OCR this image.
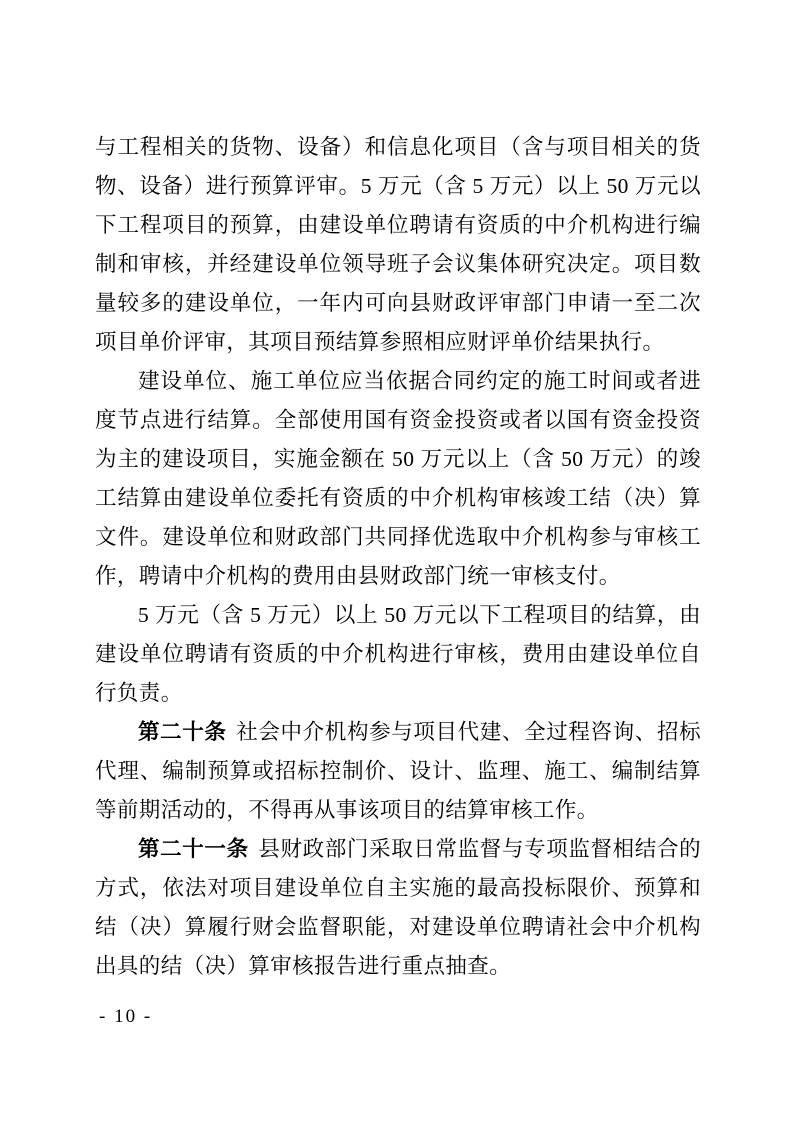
与工程相关的货物、设备）和信息化项目（含与项目相关的货物、设备）进行预算评审。5 万元（含 5 万元）以上 50 万元以下工程项目的预算，由建设单位聘请有资质的中介机构进行编制和审核，并经建设单位领导班子会议集体研究决定。项目数量较多的建设单位，一年内可向县财政评审部门申请一至二次项目单价评审，其项目预结算参照相应财评单价结果执行。

建设单位、施工单位应当依据合同约定的施工时间或者进度节点进行结算。全部使用国有资金投资或者以国有资金投资为主的建设项目，实施金额在 50 万元以上（含 50 万元）的竣工结算由建设单位委托有资质的中介机构审核竣工结（决）算文件。建设单位和财政部门共同择优选取中介机构参与审核工作，聘请中介机构的费用由县财政部门统一审核支付。

5 万元（含 5 万元）以上 50 万元以下工程项目的结算，由建设单位聘请有资质的中介机构进行审核，费用由建设单位自行负责。

第二十条 社会中介机构参与项目代建、全过程咨询、招标代理、编制预算或招标控制价、设计、监理、施工、编制结算等前期活动的，不得再从事该项目的结算审核工作。

第二十一条 县财政部门采取日常监督与专项监督相结合的方式，依法对项目建设单位自主实施的最高投标限价、预算和结（决）算履行财会监督职能，对建设单位聘请社会中介机构出具的结（决）算审核报告进行重点抽查。

- 10 -
